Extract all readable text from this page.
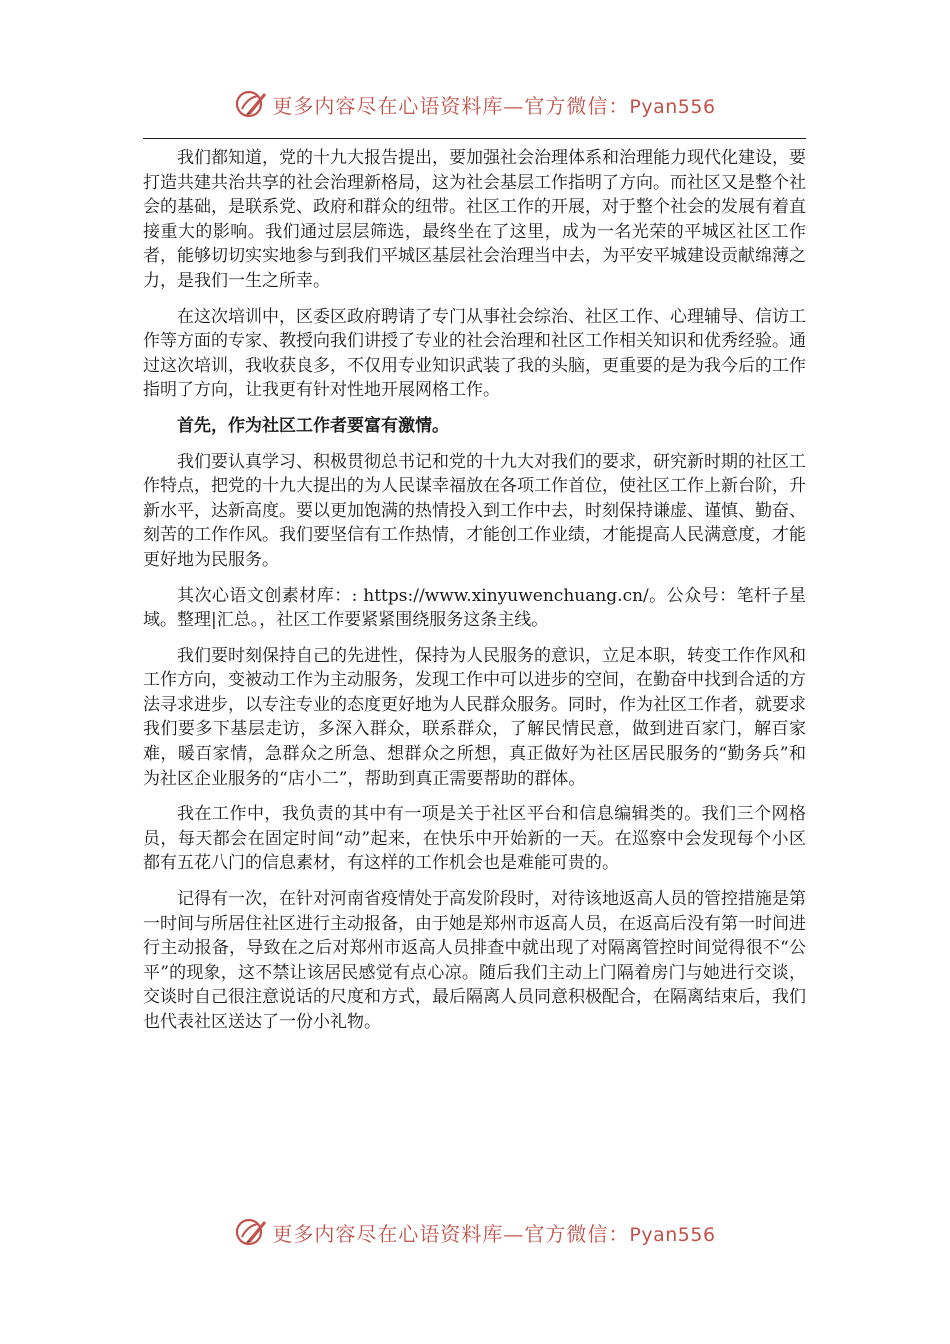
更多内容尽在心语资料库—官方微信：Pyan556

我们都知道，党的十九大报告提出，要加强社会治理体系和治理能力现代化建设，要打造共建共治共享的社会治理新格局，这为社会基层工作指明了方向。而社区又是整个社会的基础，是联系党、政府和群众的纽带。社区工作的开展，对于整个社会的发展有着直接重大的影响。我们通过层层筛选，最终坐在了这里，成为一名光荣的平城区社区工作者，能够切切实实地参与到我们平城区基层社会治理当中去，为平安平城建设贡献绵薄之力，是我们一生之所幸。

在这次培训中，区委区政府聘请了专门从事社会综治、社区工作、心理辅导、信访工作等方面的专家、教授向我们讲授了专业的社会治理和社区工作相关知识和优秀经验。通过这次培训，我收获良多，不仅用专业知识武装了我的头脑，更重要的是为我今后的工作指明了方向，让我更有针对性地开展网格工作。

首先，作为社区工作者要富有激情。

我们要认真学习、积极贯彻总书记和党的十九大对我们的要求，研究新时期的社区工作特点，把党的十九大提出的为人民谋幸福放在各项工作首位，使社区工作上新台阶，升新水平，达新高度。要以更加饱满的热情投入到工作中去，时刻保持谦虚、谨慎、勤奋、刻苦的工作作风。我们要坚信有工作热情，才能创工作业绩，才能提高人民满意度，才能更好地为民服务。

其次心语文创素材库：: https://www.xinyuwenchuang.cn/。公众号：笔杆子星域。整理|汇总。，社区工作要紧紧围绕服务这条主线。

我们要时刻保持自己的先进性，保持为人民服务的意识，立足本职，转变工作作风和工作方向，变被动工作为主动服务，发现工作中可以进步的空间，在勤奋中找到合适的方法寻求进步，以专注专业的态度更好地为人民群众服务。同时，作为社区工作者，就要求我们要多下基层走访，多深入群众，联系群众，了解民情民意，做到进百家门，解百家难，暖百家情，急群众之所急、想群众之所想，真正做好为社区居民服务的“勤务兵”和为社区企业服务的“店小二”，帮助到真正需要帮助的群体。

我在工作中，我负责的其中有一项是关于社区平台和信息编辑类的。我们三个网格员，每天都会在固定时间“动”起来，在快乐中开始新的一天。在巡察中会发现每个小区都有五花八门的信息素材，有这样的工作机会也是难能可贵的。

记得有一次，在针对河南省疫情处于高发阶段时，对待该地返高人员的管控措施是第一时间与所居住社区进行主动报备，由于她是郑州市返高人员，在返高后没有第一时间进行主动报备，导致在之后对郑州市返高人员排查中就出现了对隔离管控时间觉得很不“公平”的现象，这不禁让该居民感觉有点心凉。随后我们主动上门隔着房门与她进行交谈，交谈时自己很注意说话的尺度和方式，最后隔离人员同意积极配合，在隔离结束后，我们也代表社区送达了一份小礼物。

更多内容尽在心语资料库—官方微信：Pyan556
